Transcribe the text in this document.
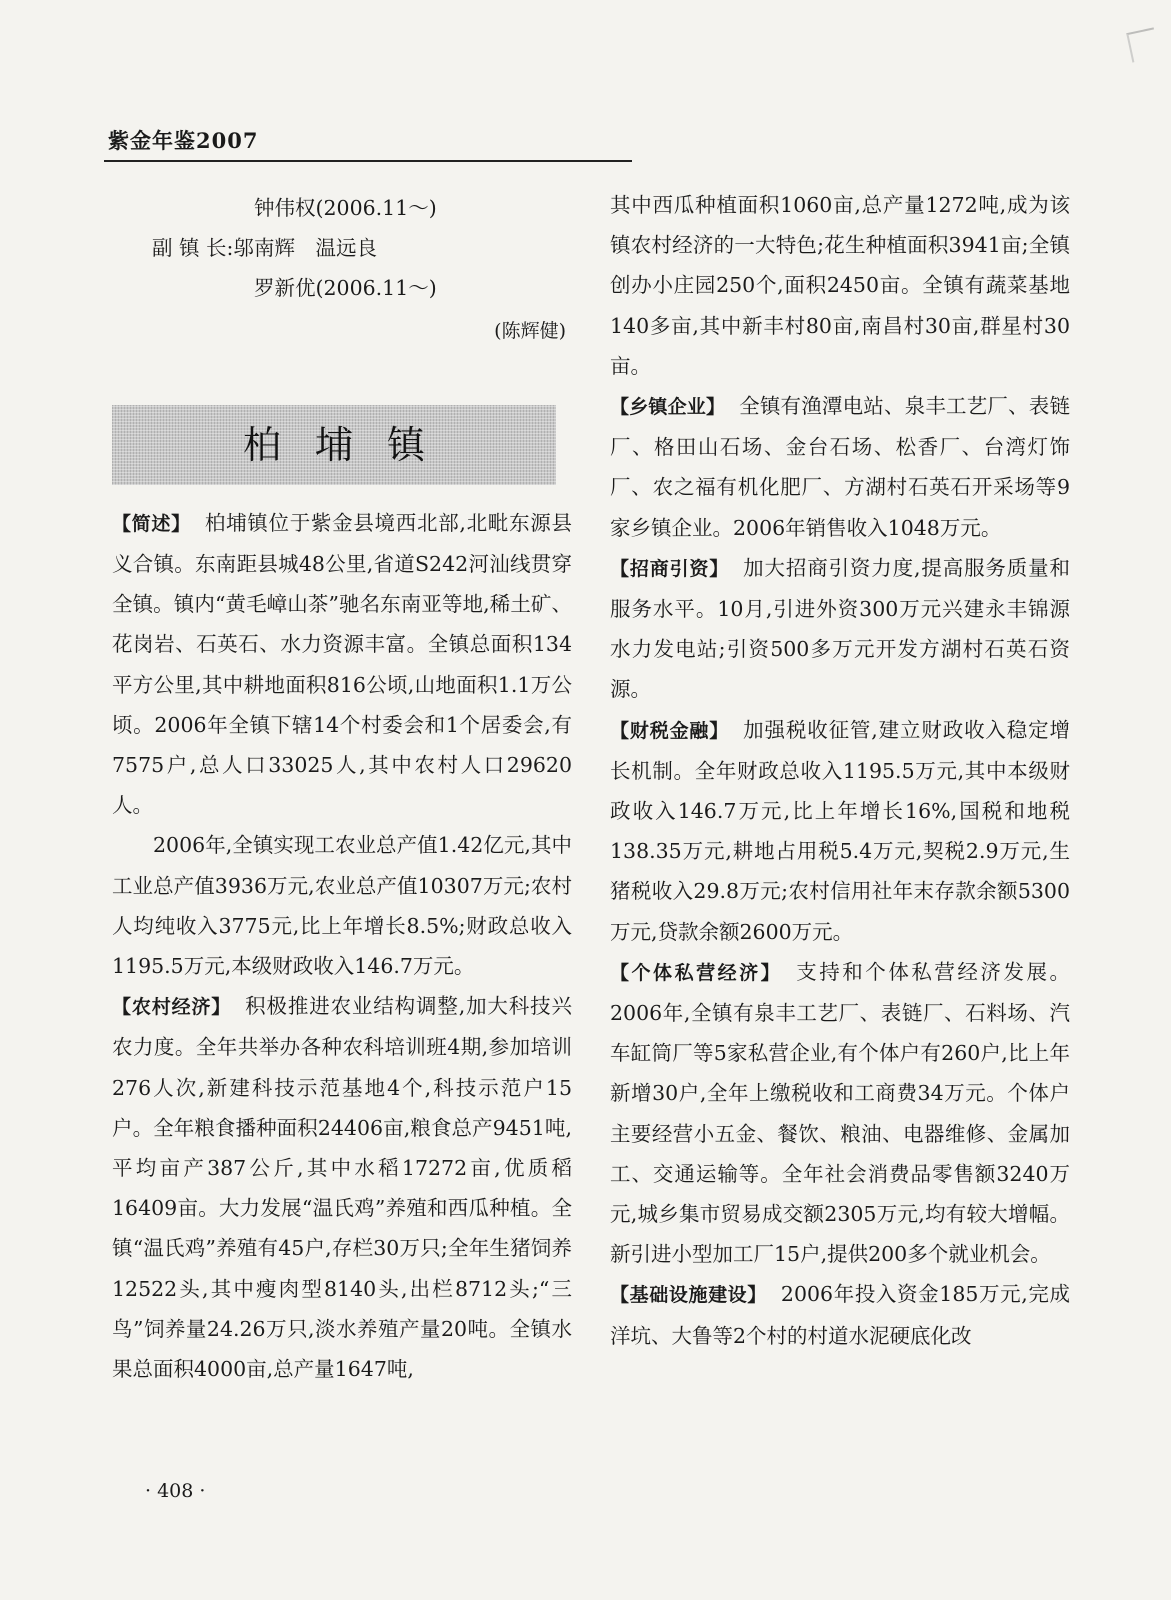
紫金年鉴2007

钟伟权(2006.11～)

副 镇 长:邬南辉　温远良

罗新优(2006.11～)

(陈辉健)

柏埔镇

【简述】 柏埔镇位于紫金县境西北部,北毗东源县义合镇。东南距县城48公里,省道S242河汕线贯穿全镇。镇内“黄毛嶂山茶”驰名东南亚等地,稀土矿、花岗岩、石英石、水力资源丰富。全镇总面积134平方公里,其中耕地面积816公顷,山地面积1.1万公顷。2006年全镇下辖14个村委会和1个居委会,有7575户,总人口33025人,其中农村人口29620人。

2006年,全镇实现工农业总产值1.42亿元,其中工业总产值3936万元,农业总产值10307万元;农村人均纯收入3775元,比上年增长8.5%;财政总收入1195.5万元,本级财政收入146.7万元。

【农村经济】 积极推进农业结构调整,加大科技兴农力度。全年共举办各种农科培训班4期,参加培训276人次,新建科技示范基地4个,科技示范户15户。全年粮食播种面积24406亩,粮食总产9451吨,平均亩产387公斤,其中水稻17272亩,优质稻16409亩。大力发展“温氏鸡”养殖和西瓜种植。全镇“温氏鸡”养殖有45户,存栏30万只;全年生猪饲养12522头,其中瘦肉型8140头,出栏8712头;“三鸟”饲养量24.26万只,淡水养殖产量20吨。全镇水果总面积4000亩,总产量1647吨,

其中西瓜种植面积1060亩,总产量1272吨,成为该镇农村经济的一大特色;花生种植面积3941亩;全镇创办小庄园250个,面积2450亩。全镇有蔬菜基地140多亩,其中新丰村80亩,南昌村30亩,群星村30亩。

【乡镇企业】 全镇有渔潭电站、泉丰工艺厂、表链厂、格田山石场、金台石场、松香厂、台湾灯饰厂、农之福有机化肥厂、方湖村石英石开采场等9家乡镇企业。2006年销售收入1048万元。

【招商引资】 加大招商引资力度,提高服务质量和服务水平。10月,引进外资300万元兴建永丰锦源水力发电站;引资500多万元开发方湖村石英石资源。

【财税金融】 加强税收征管,建立财政收入稳定增长机制。全年财政总收入1195.5万元,其中本级财政收入146.7万元,比上年增长16%,国税和地税138.35万元,耕地占用税5.4万元,契税2.9万元,生猪税收入29.8万元;农村信用社年末存款余额5300万元,贷款余额2600万元。

【个体私营经济】 支持和个体私营经济发展。2006年,全镇有泉丰工艺厂、表链厂、石料场、汽车缸筒厂等5家私营企业,有个体户有260户,比上年新增30户,全年上缴税收和工商费34万元。个体户主要经营小五金、餐饮、粮油、电器维修、金属加工、交通运输等。全年社会消费品零售额3240万元,城乡集市贸易成交额2305万元,均有较大增幅。新引进小型加工厂15户,提供200多个就业机会。

【基础设施建设】 2006年投入资金185万元,完成洋坑、大鲁等2个村的村道水泥硬底化改

· 408 ·
